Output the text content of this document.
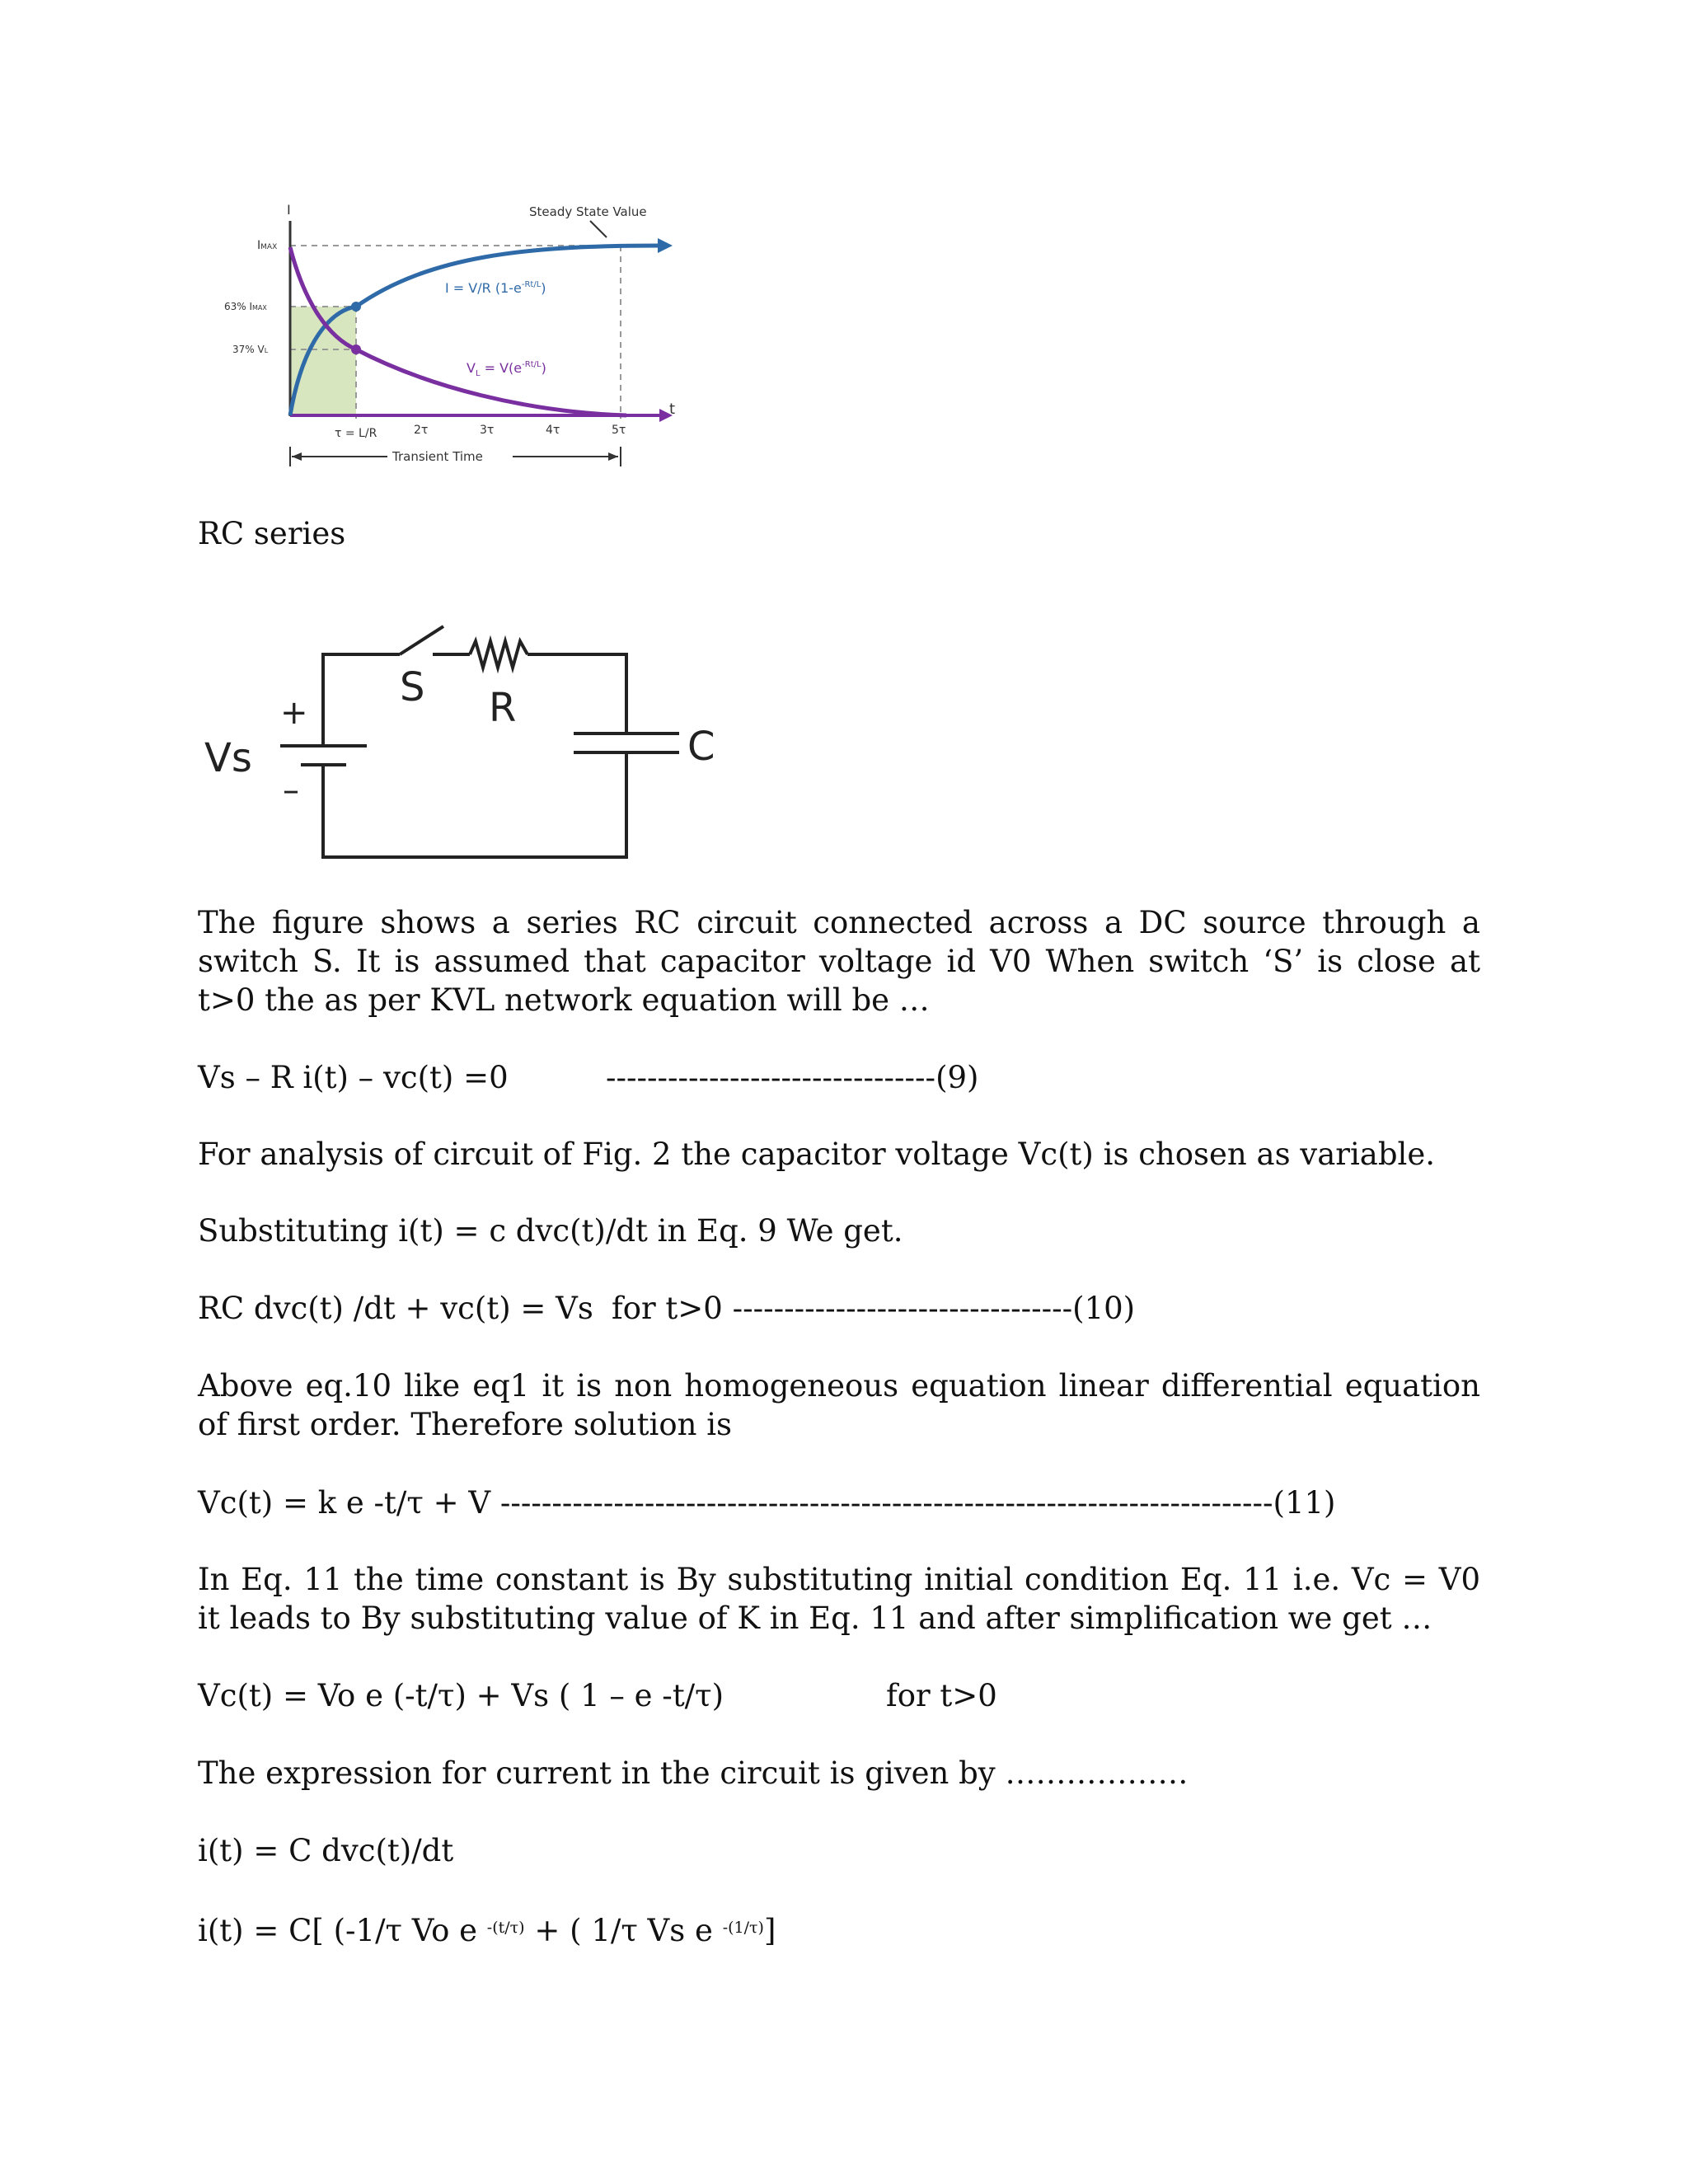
I
t
Steady State Value
IMAX
63% IMAX
37% VL
I = V/R $(1-e^{-Rt/L})$
$V_L = V(e^{-Rt/L})$
τ = L/R	2τ	3τ	4τ	5τ
Transient Time
RC series
Vs
+
–
S R
C
The figure shows a series RC circuit connected across a DC source through a switch S. It is assumed that capacitor voltage id V0 When switch ‘S’ is close at t>0 the as per KVL network equation will be …
Vs – R i(t) – vc(t) =0	--------------------------------(9)
For analysis of circuit of Fig. 2 the capacitor voltage Vc(t) is chosen as variable.
Substituting i(t) = c dvc(t)/dt in Eq. 9 We get.
RC dvc(t) /dt + vc(t) = Vs for t>0 ---------------------------------(10)
Above eq.10 like eq1 it is non homogeneous equation linear differential equation of first order. Therefore solution is
Vc(t) = k e -t/τ + V ---------------------------------------------------------------------------(11)
In Eq. 11 the time constant is By substituting initial condition Eq. 11 i.e. Vc = V0 it leads to By substituting value of K in Eq. 11 and after simplification we get …
Vc(t) = Vo e (-t/τ) + Vs ( 1 – e -t/τ)	for t>0
The expression for current in the circuit is given by ………………
i(t) = C dvc(t)/dt
i(t) = C[ (-1/τ Vo e $^{-(t/\tau)}$ + ( 1/τ Vs e $^{-(1/\tau)}$]
